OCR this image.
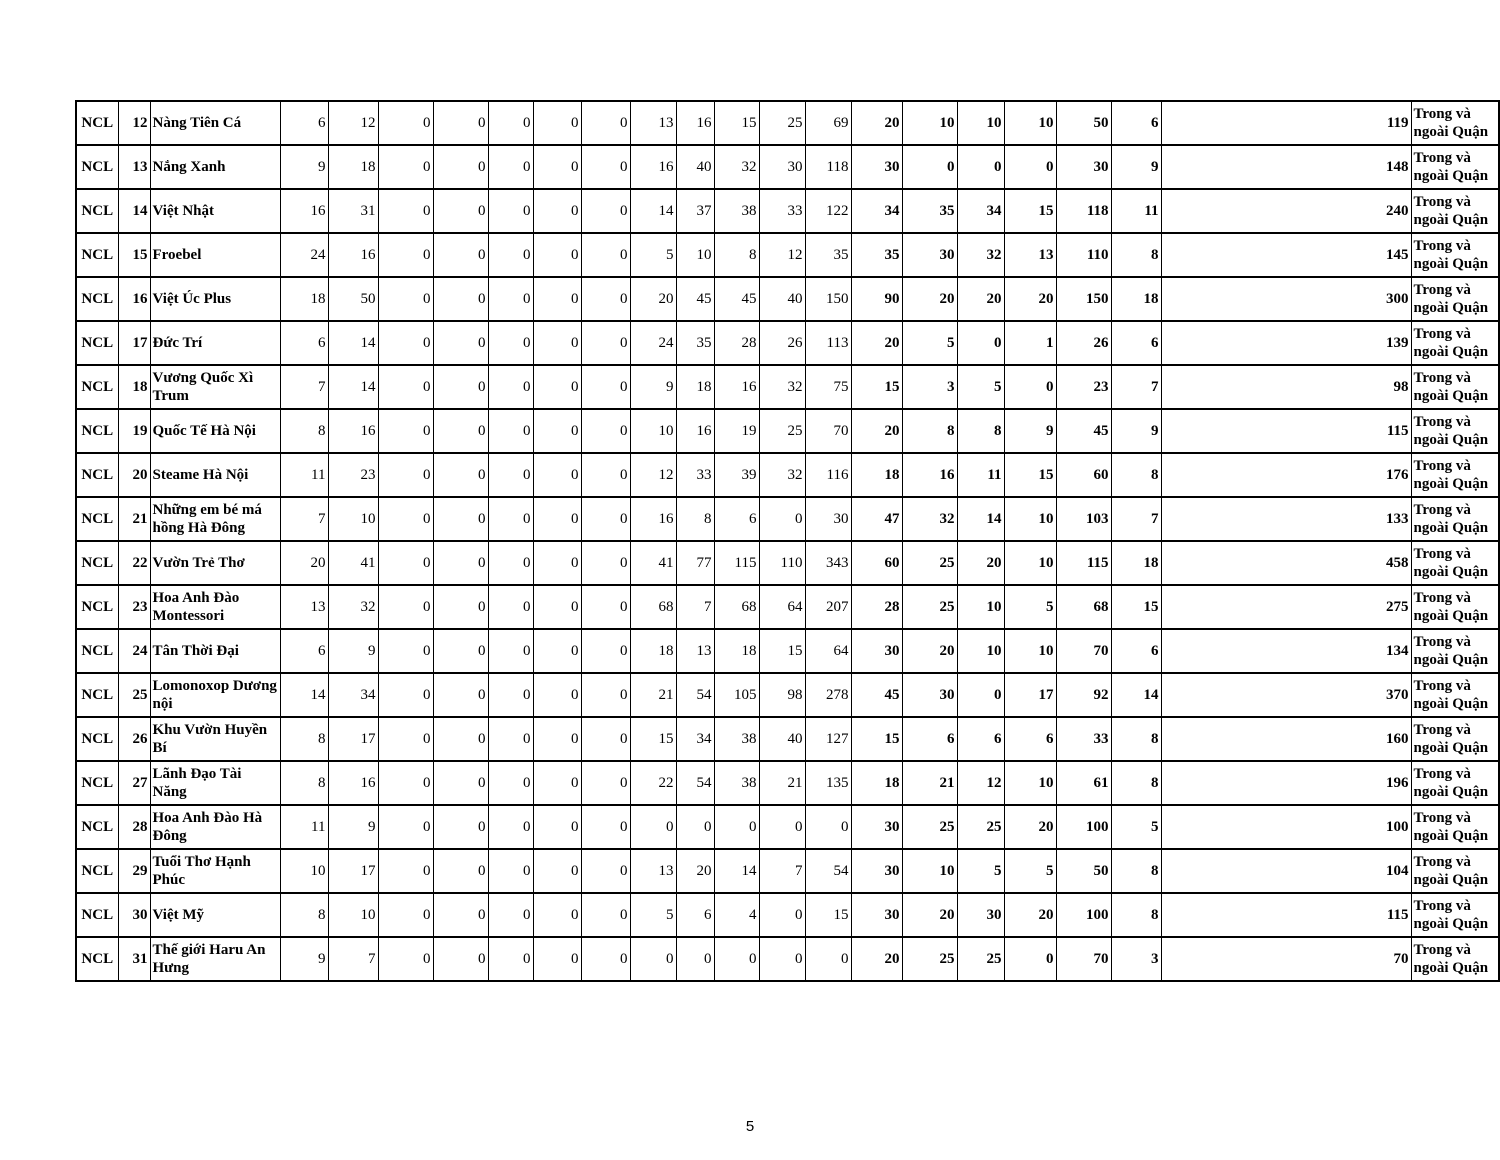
NCL	12	Nàng Tiên Cá	6	12	0	0	0	0	0	13	16	15	25	69	20	10	10	10	50	6	119	Trong và ngoài Quận
NCL	13	Nắng Xanh	9	18	0	0	0	0	0	16	40	32	30	118	30	0	0	0	30	9	148	Trong và ngoài Quận
NCL	14	Việt Nhật	16	31	0	0	0	0	0	14	37	38	33	122	34	35	34	15	118	11	240	Trong và ngoài Quận
NCL	15	Froebel	24	16	0	0	0	0	0	5	10	8	12	35	35	30	32	13	110	8	145	Trong và ngoài Quận
NCL	16	Việt Úc Plus	18	50	0	0	0	0	0	20	45	45	40	150	90	20	20	20	150	18	300	Trong và ngoài Quận
NCL	17	Đức Trí	6	14	0	0	0	0	0	24	35	28	26	113	20	5	0	1	26	6	139	Trong và ngoài Quận
NCL	18	Vương Quốc Xì Trum	7	14	0	0	0	0	0	9	18	16	32	75	15	3	5	0	23	7	98	Trong và ngoài Quận
NCL	19	Quốc Tế Hà Nội	8	16	0	0	0	0	0	10	16	19	25	70	20	8	8	9	45	9	115	Trong và ngoài Quận
NCL	20	Steame Hà Nội	11	23	0	0	0	0	0	12	33	39	32	116	18	16	11	15	60	8	176	Trong và ngoài Quận
NCL	21	Những em bé má hồng Hà Đông	7	10	0	0	0	0	0	16	8	6	0	30	47	32	14	10	103	7	133	Trong và ngoài Quận
NCL	22	Vườn Trẻ Thơ	20	41	0	0	0	0	0	41	77	115	110	343	60	25	20	10	115	18	458	Trong và ngoài Quận
NCL	23	Hoa Anh Đào Montessori	13	32	0	0	0	0	0	68	7	68	64	207	28	25	10	5	68	15	275	Trong và ngoài Quận
NCL	24	Tân Thời Đại	6	9	0	0	0	0	0	18	13	18	15	64	30	20	10	10	70	6	134	Trong và ngoài Quận
NCL	25	Lomonoxop Dương nội	14	34	0	0	0	0	0	21	54	105	98	278	45	30	0	17	92	14	370	Trong và ngoài Quận
NCL	26	Khu Vườn Huyền Bí	8	17	0	0	0	0	0	15	34	38	40	127	15	6	6	6	33	8	160	Trong và ngoài Quận
NCL	27	Lãnh Đạo Tài Năng	8	16	0	0	0	0	0	22	54	38	21	135	18	21	12	10	61	8	196	Trong và ngoài Quận
NCL	28	Hoa Anh Đào Hà Đông	11	9	0	0	0	0	0	0	0	0	0	0	30	25	25	20	100	5	100	Trong và ngoài Quận
NCL	29	Tuổi Thơ Hạnh Phúc	10	17	0	0	0	0	0	13	20	14	7	54	30	10	5	5	50	8	104	Trong và ngoài Quận
NCL	30	Việt Mỹ	8	10	0	0	0	0	0	5	6	4	0	15	30	20	30	20	100	8	115	Trong và ngoài Quận
NCL	31	Thế giới Haru An Hưng	9	7	0	0	0	0	0	0	0	0	0	0	20	25	25	0	70	3	70	Trong và ngoài Quận
5
